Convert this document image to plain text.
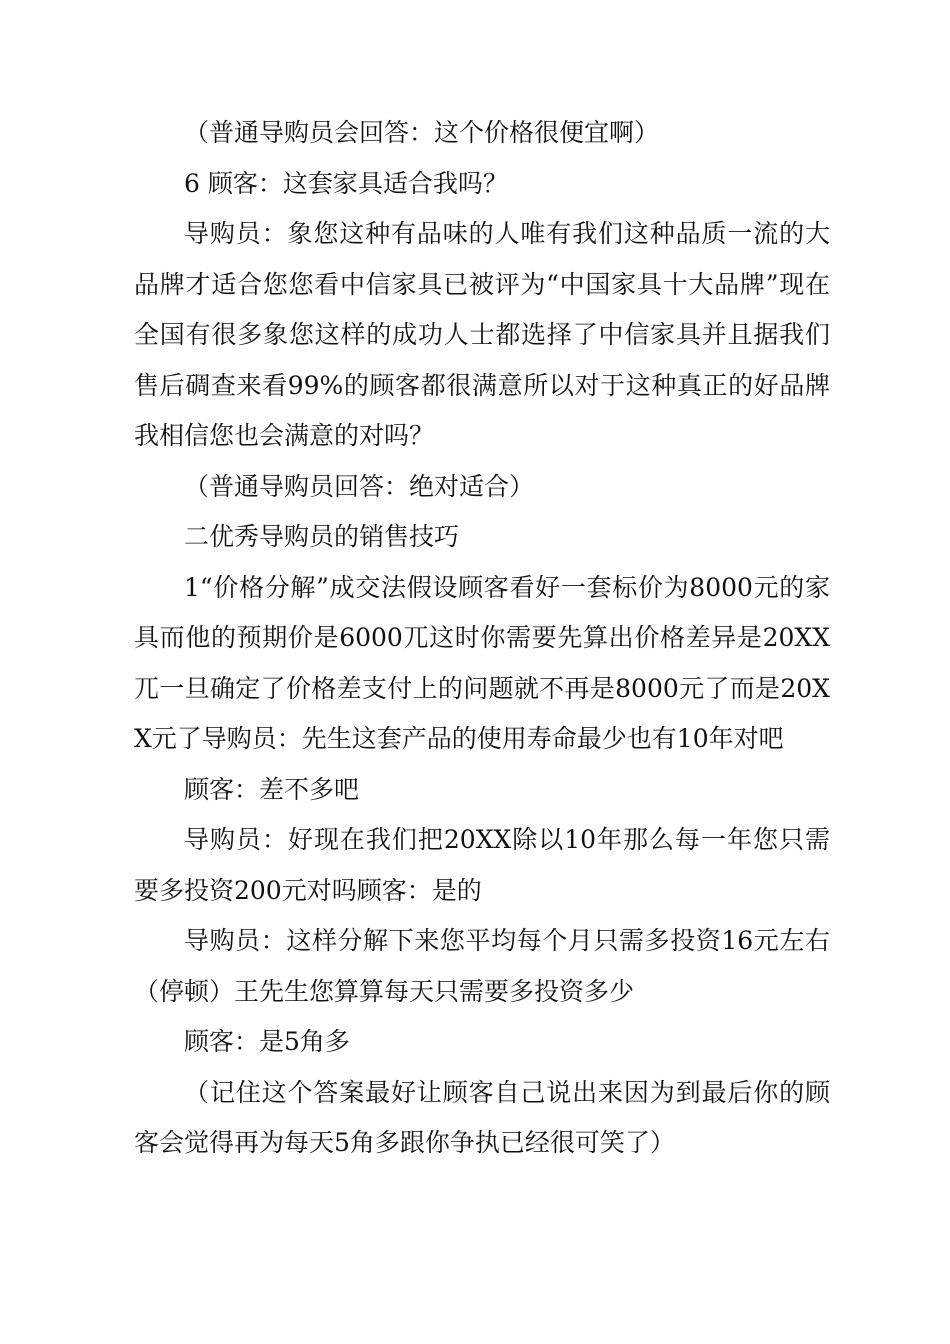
（普通导购员会回答：这个价格很便宜啊）

6 顾客：这套家具适合我吗？

导购员：象您这种有品味的人唯有我们这种品质一流的大品牌才适合您您看中信家具已被评为“中国家具十大品牌”现在全国有很多象您这样的成功人士都选择了中信家具并且据我们售后碉查来看99%的顾客都很满意所以对于这种真正的好品牌我相信您也会满意的对吗？

（普通导购员回答：绝对适合）

二优秀导购员的销售技巧

1“价格分解”成交法假设顾客看好一套标价为8000元的家具而他的预期价是6000兀这时你需要先算出价格差异是20XX兀一旦确定了价格差支付上的问题就不再是8000元了而是20XX元了导购员：先生这套产品的使用寿命最少也有10年对吧

顾客：差不多吧

导购员：好现在我们把20XX除以10年那么每一年您只需要多投资200元对吗顾客：是的

导购员：这样分解下来您平均每个月只需多投资16元左右（停顿）王先生您算算每天只需要多投资多少

顾客：是5角多

（记住这个答案最好让顾客自己说出来因为到最后你的顾客会觉得再为每天5角多跟你争执已经很可笑了）
